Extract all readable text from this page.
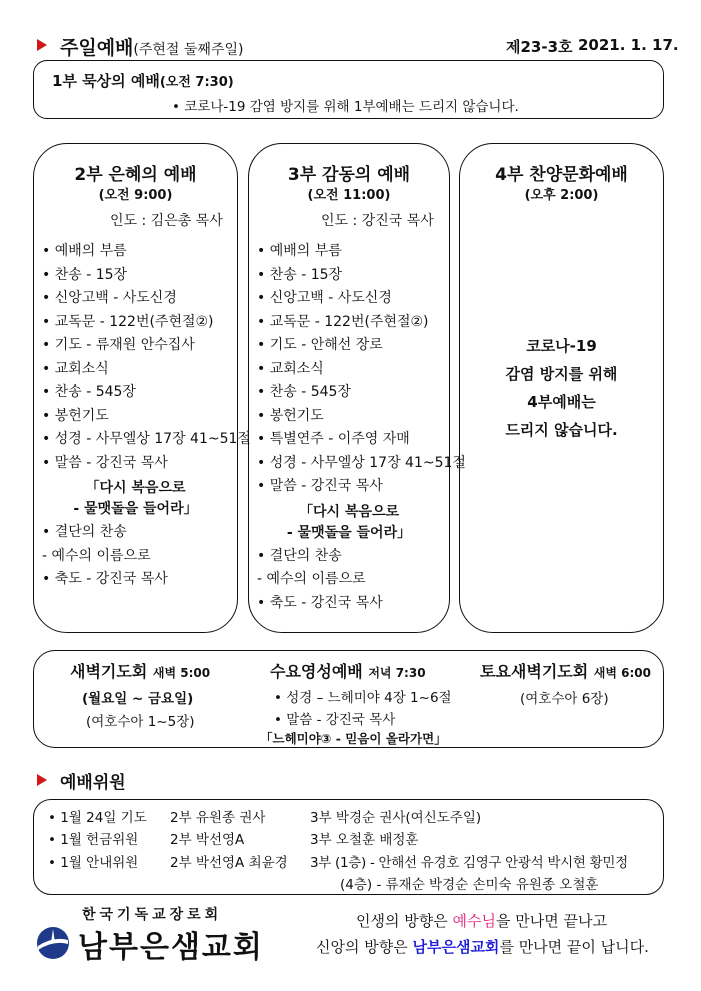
주일예배(주현절 둘째주일)	제23-3호 2021. 1. 17.
1부 묵상의 예배(오전 7:30)
• 코로나-19 감염 방지를 위해 1부예배는 드리지 않습니다.
2부 은혜의 예배
(오전 9:00)
인도 : 김은총 목사
• 예배의 부름
• 찬송 - 15장
• 신앙고백 - 사도신경
• 교독문 - 122번(주현절②)
• 기도 - 류재원 안수집사
• 교회소식
• 찬송 - 545장
• 봉헌기도
• 성경 - 사무엘상 17장 41~51절
• 말씀 - 강진국 목사
「다시 복음으로
- 물맷돌을 들어라」
• 결단의 찬송
- 예수의 이름으로
• 축도 - 강진국 목사
3부 감동의 예배
(오전 11:00)
인도 : 강진국 목사
• 예배의 부름
• 찬송 - 15장
• 신앙고백 - 사도신경
• 교독문 - 122번(주현절②)
• 기도 - 안해선 장로
• 교회소식
• 찬송 - 545장
• 봉헌기도
• 특별연주 - 이주영 자매
• 성경 - 사무엘상 17장 41~51절
• 말씀 - 강진국 목사
「다시 복음으로
- 물맷돌을 들어라」
• 결단의 찬송
- 예수의 이름으로
• 축도 - 강진국 목사
4부 찬양문화예배
(오후 2:00)
코로나-19
감염 방지를 위해
4부예배는
드리지 않습니다.
새벽기도회 새벽 5:00
(월요일 ~ 금요일)
(여호수아 1~5장)
수요영성예배 저녁 7:30
• 성경 – 느헤미야 4장 1~6절
• 말씀 - 강진국 목사
「느헤미야③ - 믿음이 올라가면」
토요새벽기도회 새벽 6:00
(여호수아 6장)
예배위원
• 1월 24일 기도 2부 유원종 권사	3부 박경순 권사(여신도주일)
• 1월 헌금위원 2부 박선영A	3부 오철훈 배정훈
• 1월 안내위원 2부 박선영A 최윤경 3부 (1층) - 안해선 유경호 김영구 안광석 박시현 황민정
(4층) - 류재순 박경순 손미숙 유원종 오철훈
한국기독교장로회
남부은샘교회
인생의 방향은 예수님을 만나면 끝나고
신앙의 방향은 남부은샘교회를 만나면 끝이 납니다.
